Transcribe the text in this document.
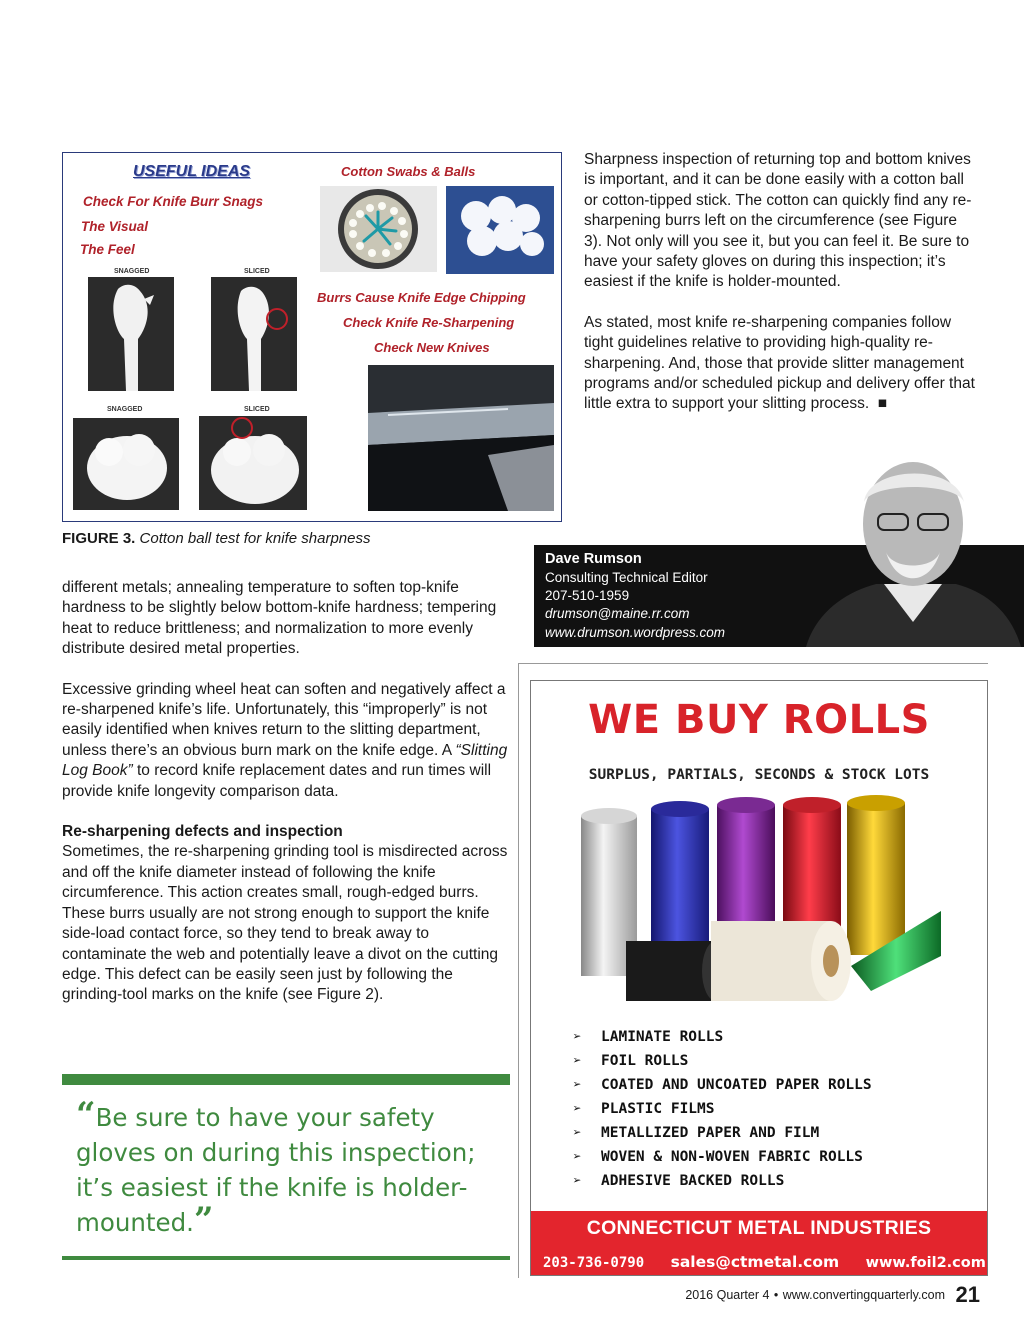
USEFUL IDEAS
Check For Knife Burr Snags
The Visual
The Feel
Cotton Swabs & Balls
Burrs Cause Knife Edge Chipping
Check Knife Re-Sharpening
Check New Knives
SNAGGED	SLICED
SNAGGED	SLICED
FIGURE 3. Cotton ball test for knife sharpness

Sharpness inspection of returning top and bottom knives is important, and it can be done easily with a cotton ball or cotton-tipped stick. The cotton can quickly find any re-sharpening burrs left on the circumference (see Figure 3). Not only will you see it, but you can feel it. Be sure to have your safety gloves on during this inspection; it’s easiest if the knife is holder-mounted.

As stated, most knife re-sharpening companies follow tight guidelines relative to providing high-quality re-sharpening. And, those that provide slitter management programs and/or scheduled pickup and delivery offer that little extra to support your slitting process. ■

Dave Rumson
Consulting Technical Editor
207-510-1959
drumson@maine.rr.com
www.drumson.wordpress.com

different metals; annealing temperature to soften top-knife hardness to be slightly below bottom-knife hardness; tempering heat to reduce brittleness; and normalization to more evenly distribute desired metal properties.

Excessive grinding wheel heat can soften and negatively affect a re-sharpened knife’s life. Unfortunately, this “improperly” is not easily identified when knives return to the slitting department, unless there’s an obvious burn mark on the knife edge. A “Slitting Log Book” to record knife replacement dates and run times will provide knife longevity comparison data.

Re-sharpening defects and inspection

Sometimes, the re-sharpening grinding tool is misdirected across and off the knife diameter instead of following the knife circumference. This action creates small, rough-edged burrs. These burrs usually are not strong enough to support the knife side-load contact force, so they tend to break away to contaminate the web and potentially leave a divot on the cutting edge. This defect can be easily seen just by following the grinding-tool marks on the knife (see Figure 2).

“Be sure to have your safety gloves on during this inspection; it’s easiest if the knife is holder-mounted.”
WE BUY ROLLS
SURPLUS, PARTIALS, SECONDS & STOCK LOTS
➢ LAMINATE ROLLS
➢ FOIL ROLLS
➢ COATED AND UNCOATED PAPER ROLLS
➢ PLASTIC FILMS
➢ METALLIZED PAPER AND FILM
➢ WOVEN & NON-WOVEN FABRIC ROLLS
➢ ADHESIVE BACKED ROLLS
CONNECTICUT METAL INDUSTRIES
203-736-0790 sales@ctmetal.com www.foil2.com
2016 Quarter 4 • www.convertingquarterly.com 21
